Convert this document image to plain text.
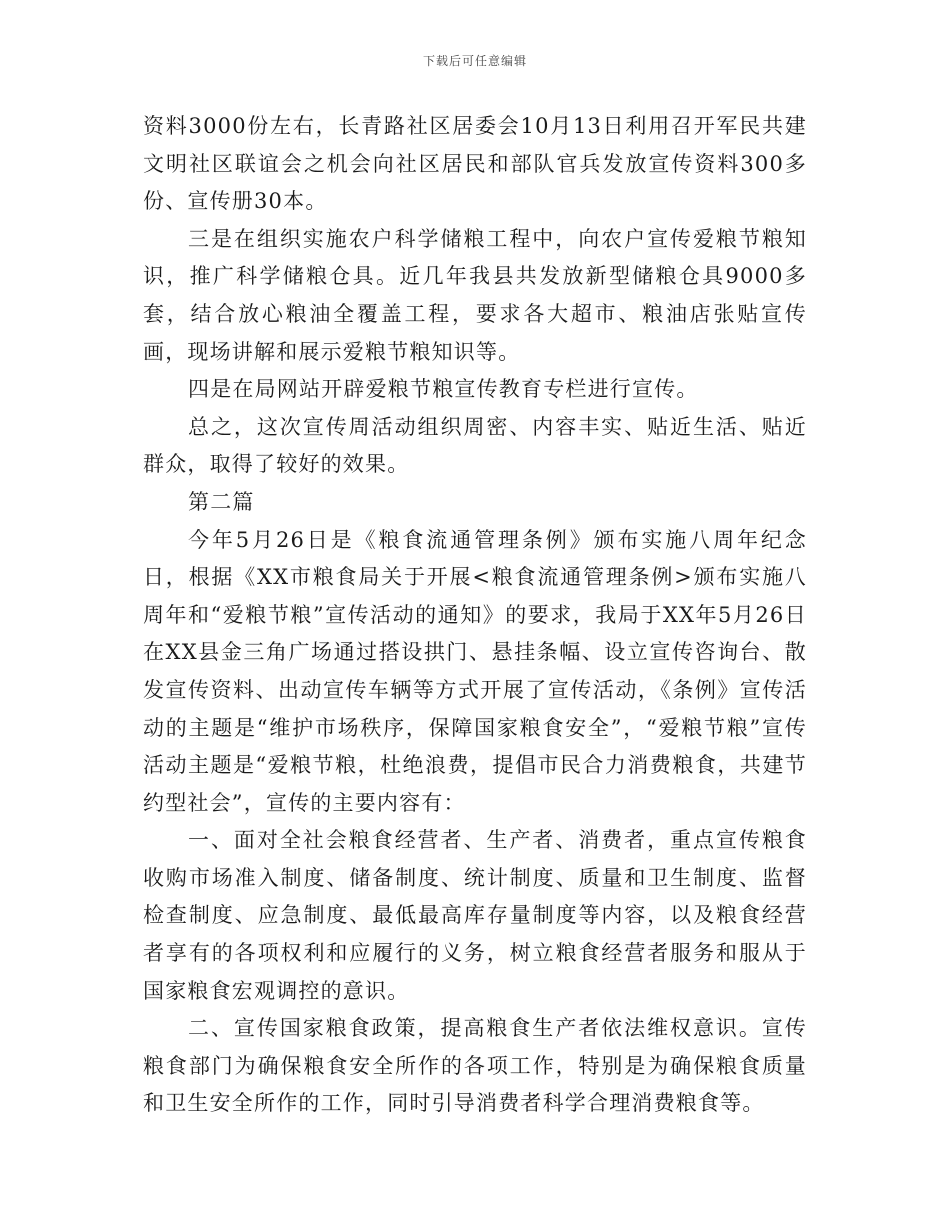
下载后可任意编辑

资料3000份左右，长青路社区居委会10月13日利用召开军民共建文明社区联谊会之机会向社区居民和部队官兵发放宣传资料300多份、宣传册30本。

三是在组织实施农户科学储粮工程中，向农户宣传爱粮节粮知识，推广科学储粮仓具。近几年我县共发放新型储粮仓具9000多套，结合放心粮油全覆盖工程，要求各大超市、粮油店张贴宣传画，现场讲解和展示爱粮节粮知识等。

四是在局网站开辟爱粮节粮宣传教育专栏进行宣传。

总之，这次宣传周活动组织周密、内容丰实、贴近生活、贴近群众，取得了较好的效果。

第二篇

今年5月26日是《粮食流通管理条例》颁布实施八周年纪念日，根据《XX市粮食局关于开展<粮食流通管理条例>颁布实施八周年和“爱粮节粮”宣传活动的通知》的要求，我局于XX年5月26日在XX县金三角广场通过搭设拱门、悬挂条幅、设立宣传咨询台、散发宣传资料、出动宣传车辆等方式开展了宣传活动，《条例》宣传活动的主题是“维护市场秩序，保障国家粮食安全”，“爱粮节粮”宣传活动主题是“爱粮节粮，杜绝浪费，提倡市民合力消费粮食，共建节约型社会”，宣传的主要内容有：

一、面对全社会粮食经营者、生产者、消费者，重点宣传粮食收购市场准入制度、储备制度、统计制度、质量和卫生制度、监督检查制度、应急制度、最低最高库存量制度等内容，以及粮食经营者享有的各项权利和应履行的义务，树立粮食经营者服务和服从于国家粮食宏观调控的意识。

二、宣传国家粮食政策，提高粮食生产者依法维权意识。宣传粮食部门为确保粮食安全所作的各项工作，特别是为确保粮食质量和卫生安全所作的工作，同时引导消费者科学合理消费粮食等。
